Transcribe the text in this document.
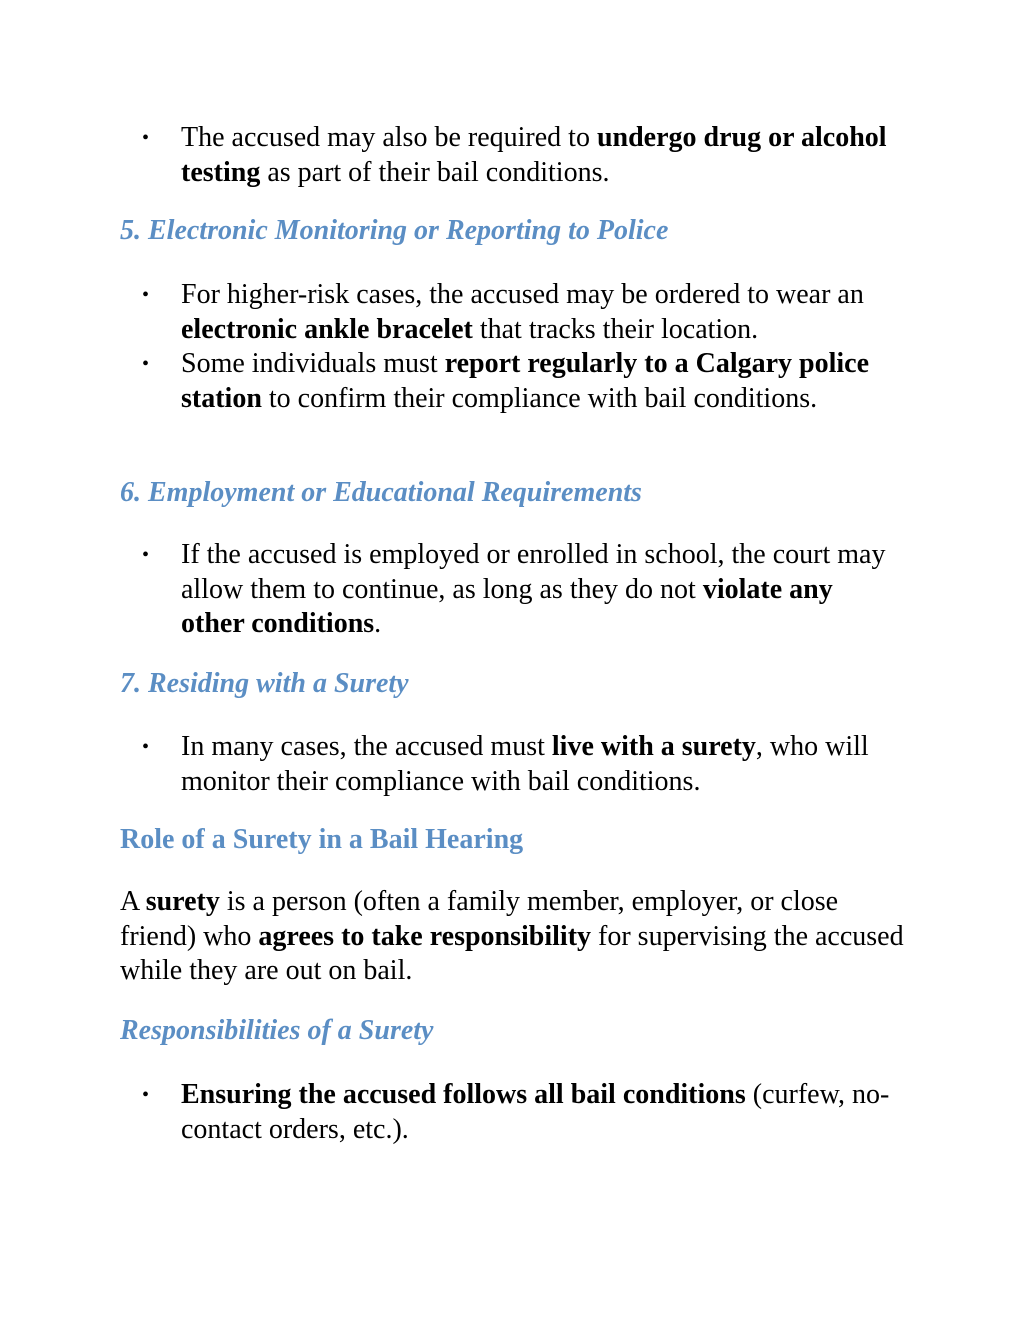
• The accused may also be required to undergo drug or alcohol testing as part of their bail conditions.
5. Electronic Monitoring or Reporting to Police
• For higher-risk cases, the accused may be ordered to wear an electronic ankle bracelet that tracks their location.
• Some individuals must report regularly to a Calgary police station to confirm their compliance with bail conditions.
6. Employment or Educational Requirements
• If the accused is employed or enrolled in school, the court may allow them to continue, as long as they do not violate any other conditions.
7. Residing with a Surety
• In many cases, the accused must live with a surety, who will monitor their compliance with bail conditions.
Role of a Surety in a Bail Hearing

A surety is a person (often a family member, employer, or close friend) who agrees to take responsibility for supervising the accused while they are out on bail.

Responsibilities of a Surety
• Ensuring the accused follows all bail conditions (curfew, no-contact orders, etc.).
